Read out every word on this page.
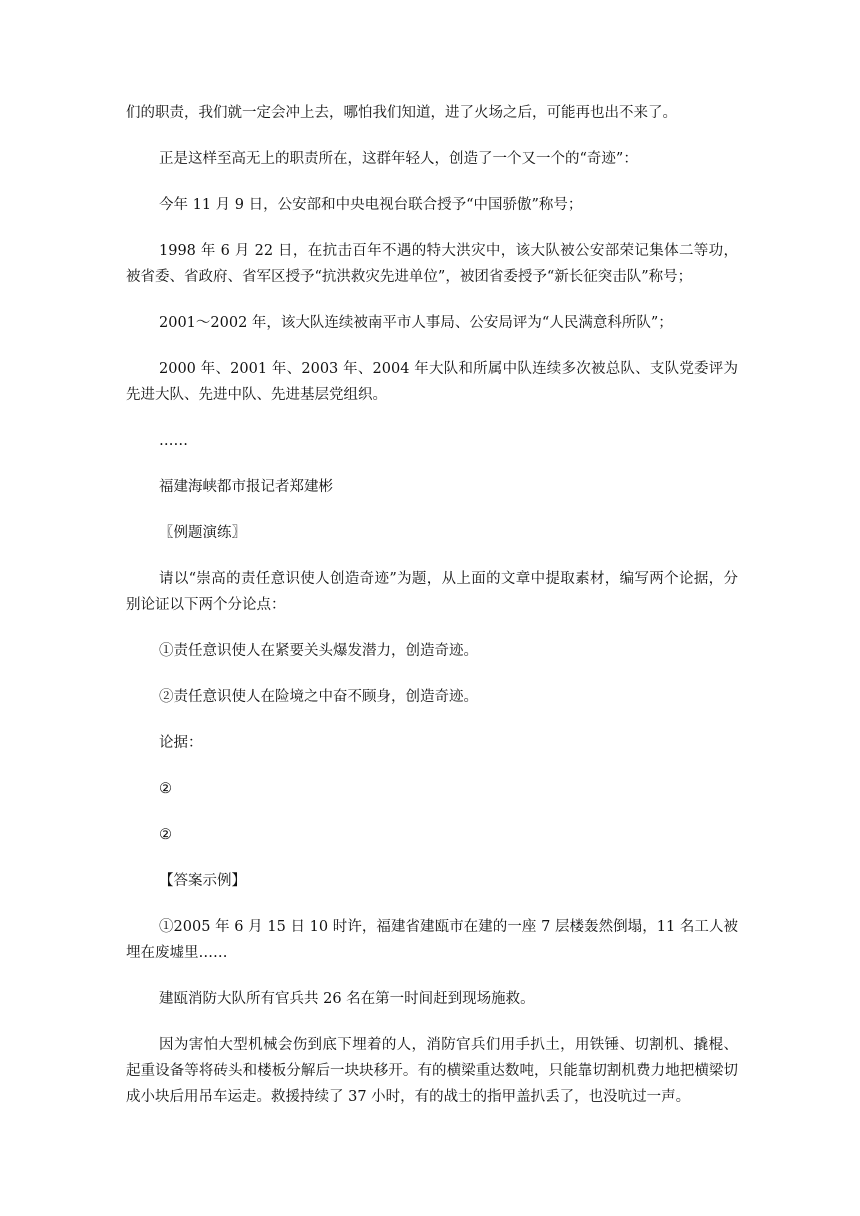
们的职责，我们就一定会冲上去，哪怕我们知道，进了火场之后，可能再也出不来了。

正是这样至高无上的职责所在，这群年轻人，创造了一个又一个的“奇迹”：

今年 11 月 9 日，公安部和中央电视台联合授予“中国骄傲”称号；

1998 年 6 月 22 日，在抗击百年不遇的特大洪灾中，该大队被公安部荣记集体二等功，被省委、省政府、省军区授予“抗洪救灾先进单位”，被团省委授予“新长征突击队”称号；

2001～2002 年，该大队连续被南平市人事局、公安局评为“人民满意科所队”；

2000 年、2001 年、2003 年、2004 年大队和所属中队连续多次被总队、支队党委评为先进大队、先进中队、先进基层党组织。

……

福建海峡都市报记者郑建彬

〖例题演练〗

请以“崇高的责任意识使人创造奇迹”为题，从上面的文章中提取素材，编写两个论据，分别论证以下两个分论点：

①责任意识使人在紧要关头爆发潜力，创造奇迹。

②责任意识使人在险境之中奋不顾身，创造奇迹。

论据：

②

②

【答案示例】

①2005 年 6 月 15 日 10 时许，福建省建瓯市在建的一座 7 层楼轰然倒塌，11 名工人被埋在废墟里……

建瓯消防大队所有官兵共 26 名在第一时间赶到现场施救。

因为害怕大型机械会伤到底下埋着的人，消防官兵们用手扒土，用铁锤、切割机、撬棍、起重设备等将砖头和楼板分解后一块块移开。有的横梁重达数吨，只能靠切割机费力地把横梁切成小块后用吊车运走。救援持续了 37 小时，有的战士的指甲盖扒丢了，也没吭过一声。
